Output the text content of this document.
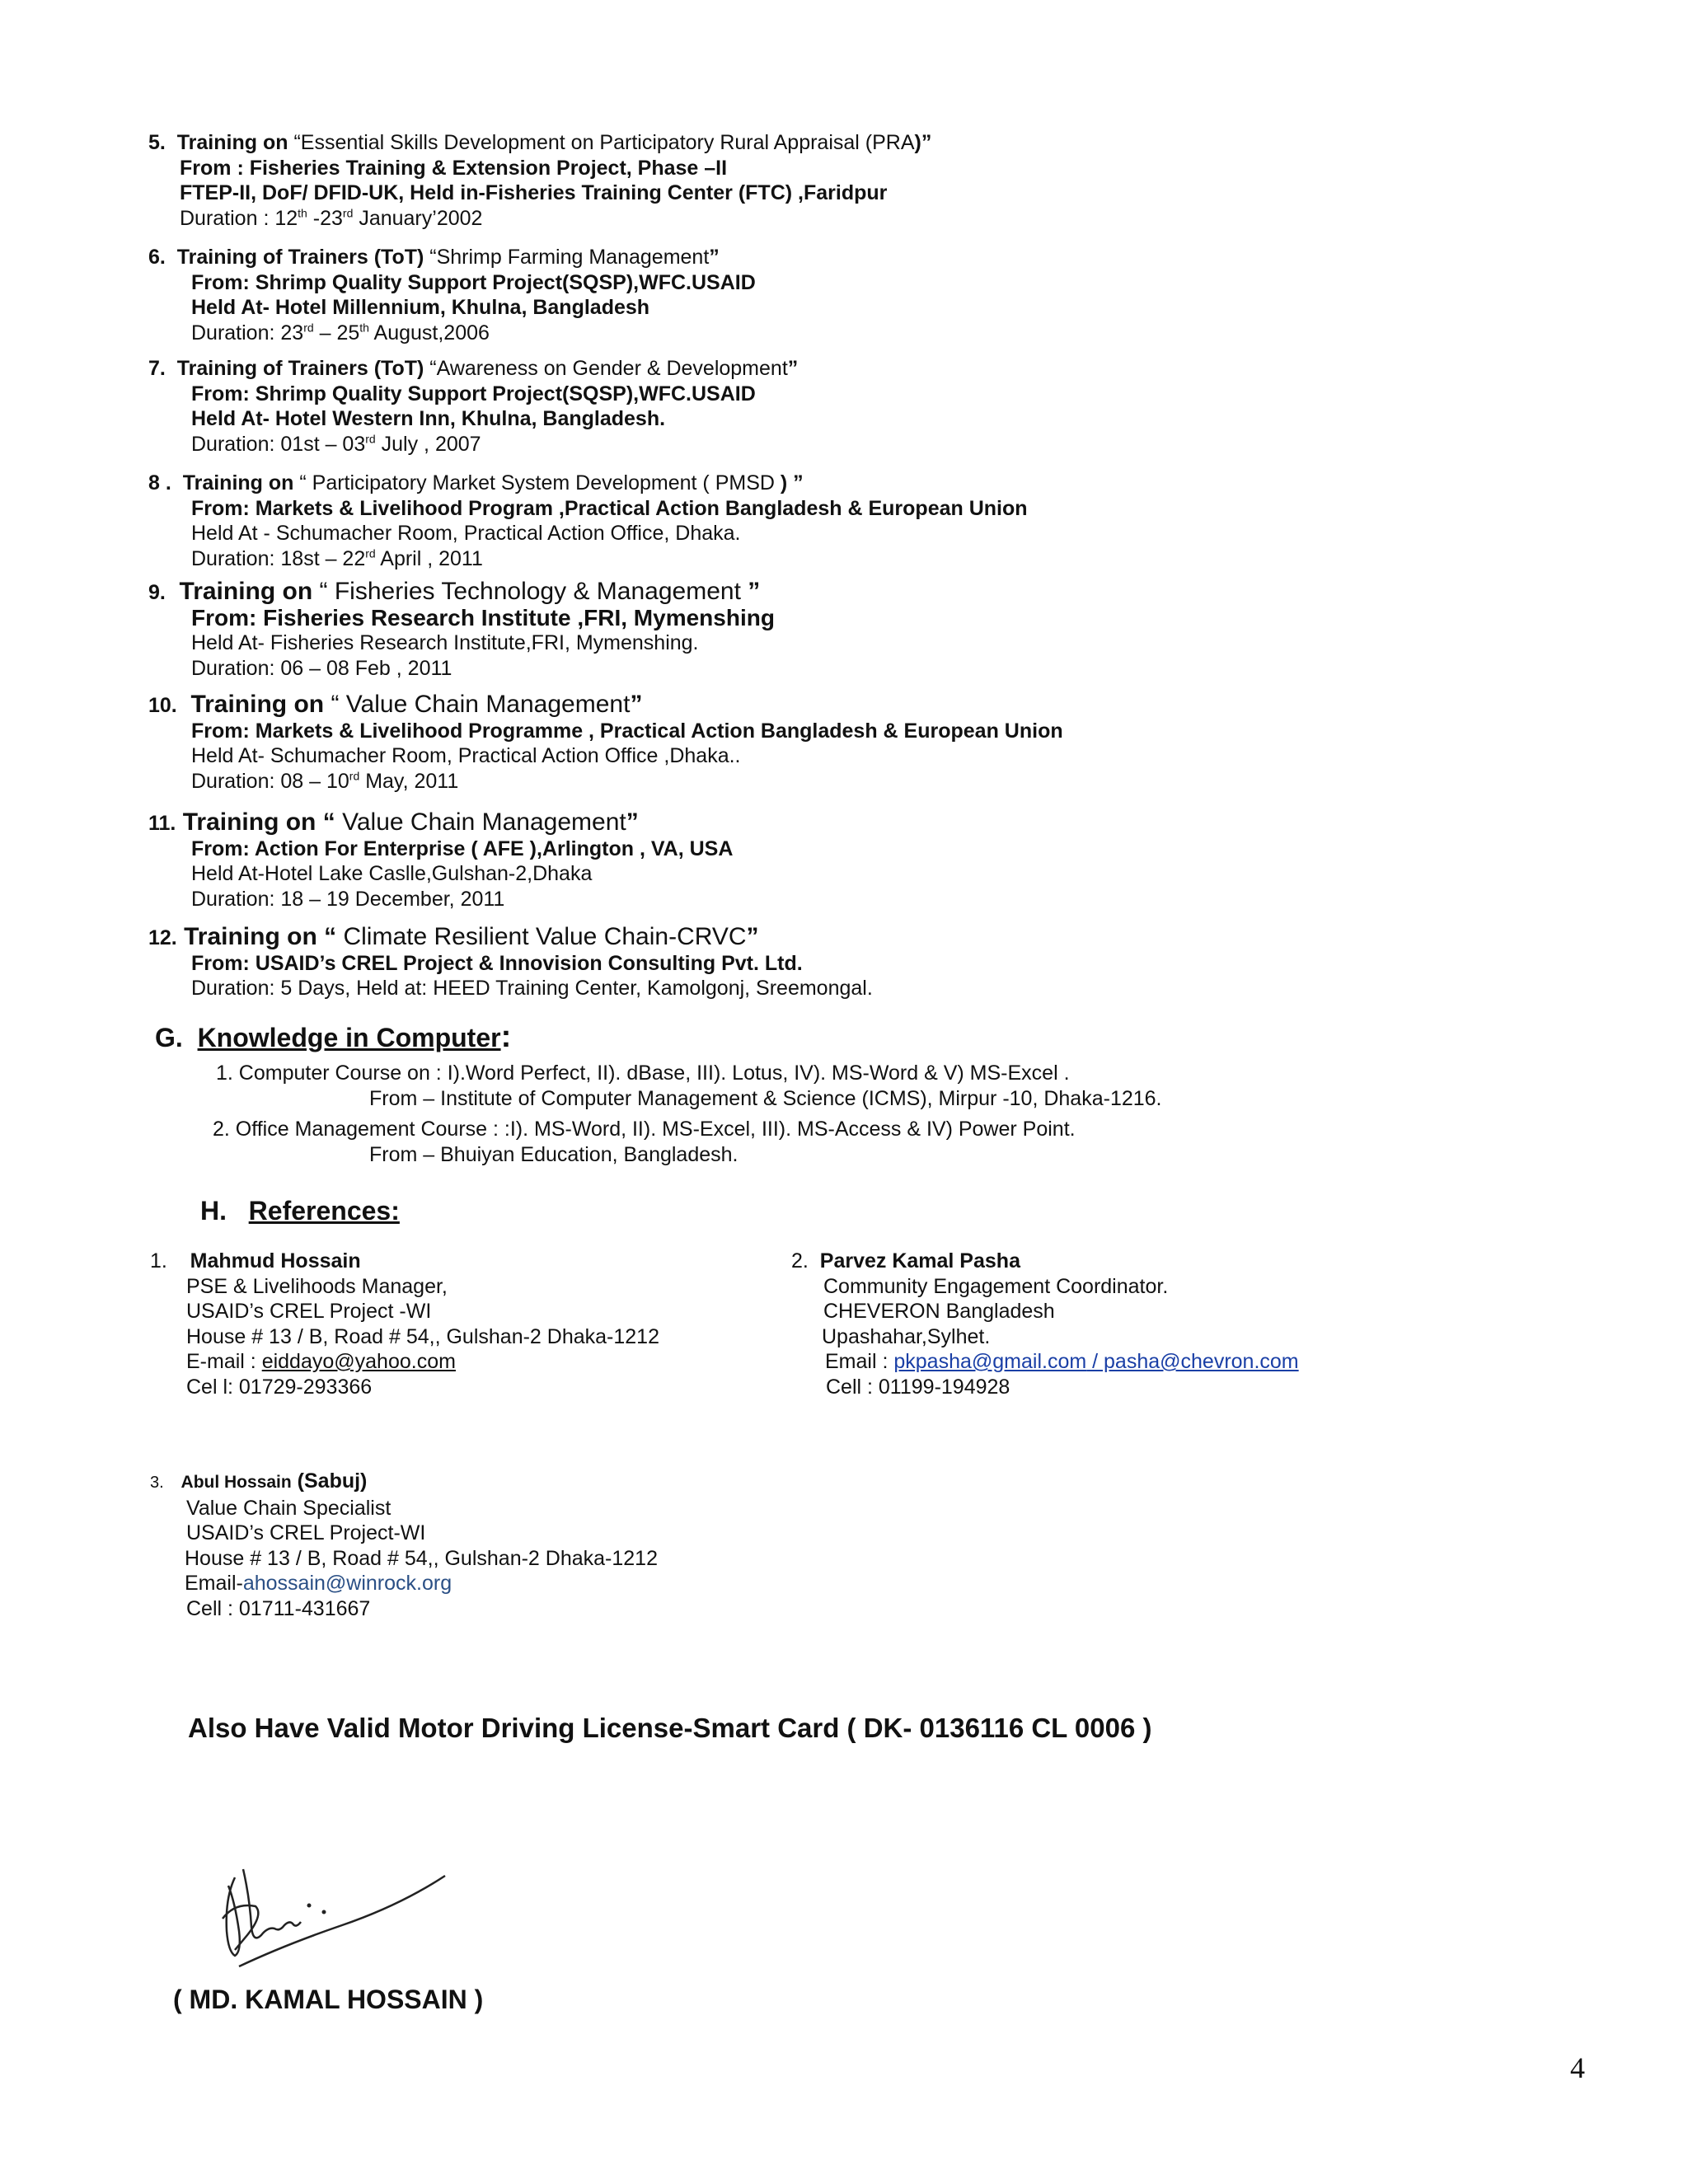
5. Training on “Essential Skills Development on Participatory Rural Appraisal (PRA)”
From : Fisheries Training & Extension Project, Phase –II
FTEP-II, DoF/ DFID-UK, Held in-Fisheries Training Center (FTC) ,Faridpur
Duration : 12th -23rd January’2002
6. Training of Trainers (ToT) “Shrimp Farming Management”
From: Shrimp Quality Support Project(SQSP),WFC.USAID
Held At- Hotel Millennium, Khulna, Bangladesh
Duration: 23rd – 25th August,2006
7. Training of Trainers (ToT) “Awareness on Gender & Development”
From: Shrimp Quality Support Project(SQSP),WFC.USAID
Held At- Hotel Western Inn, Khulna, Bangladesh.
Duration: 01st – 03rd July , 2007
8 . Training on “ Participatory Market System Development ( PMSD ) ”
From: Markets & Livelihood Program ,Practical Action Bangladesh & European Union
Held At - Schumacher Room, Practical Action Office, Dhaka.
Duration: 18st – 22rd April , 2011
9. Training on “ Fisheries Technology & Management ”
From: Fisheries Research Institute ,FRI, Mymenshing
Held At- Fisheries Research Institute,FRI, Mymenshing.
Duration: 06 – 08 Feb , 2011
10. Training on “ Value Chain Management”
From: Markets & Livelihood Programme , Practical Action Bangladesh & European Union
Held At- Schumacher Room, Practical Action Office ,Dhaka..
Duration: 08 – 10rd May, 2011
11. Training on “ Value Chain Management”
From: Action For Enterprise ( AFE ),Arlington , VA, USA
Held At-Hotel Lake Caslle,Gulshan-2,Dhaka
Duration: 18 – 19 December, 2011
12. Training on “ Climate Resilient Value Chain-CRVC”
From: USAID’s CREL Project & Innovision Consulting Pvt. Ltd.
Duration: 5 Days, Held at: HEED Training Center, Kamolgonj, Sreemongal.
G. Knowledge in Computer:
1. Computer Course on : I).Word Perfect, II). dBase, III). Lotus, IV). MS-Word & V) MS-Excel .
From – Institute of Computer Management & Science (ICMS), Mirpur -10, Dhaka-1216.
2. Office Management Course : :I). MS-Word, II). MS-Excel, III). MS-Access & IV) Power Point.
From – Bhuiyan Education, Bangladesh.
H. References:
1. Mahmud Hossain
PSE & Livelihoods Manager,
USAID’s CREL Project -WI
House # 13 / B, Road # 54,, Gulshan-2 Dhaka-1212
E-mail : eiddayo@yahoo.com
Cel l: 01729-293366
2. Parvez Kamal Pasha
Community Engagement Coordinator.
CHEVERON Bangladesh
Upashahar,Sylhet.
Email : pkpasha@gmail.com / pasha@chevron.com
Cell : 01199-194928
3. Abul Hossain (Sabuj)
Value Chain Specialist
USAID’s CREL Project-WI
House # 13 / B, Road # 54,, Gulshan-2 Dhaka-1212
Email-ahossain@winrock.org
Cell : 01711-431667
Also Have Valid Motor Driving License-Smart Card ( DK- 0136116 CL 0006 )
( MD. KAMAL HOSSAIN )
4
